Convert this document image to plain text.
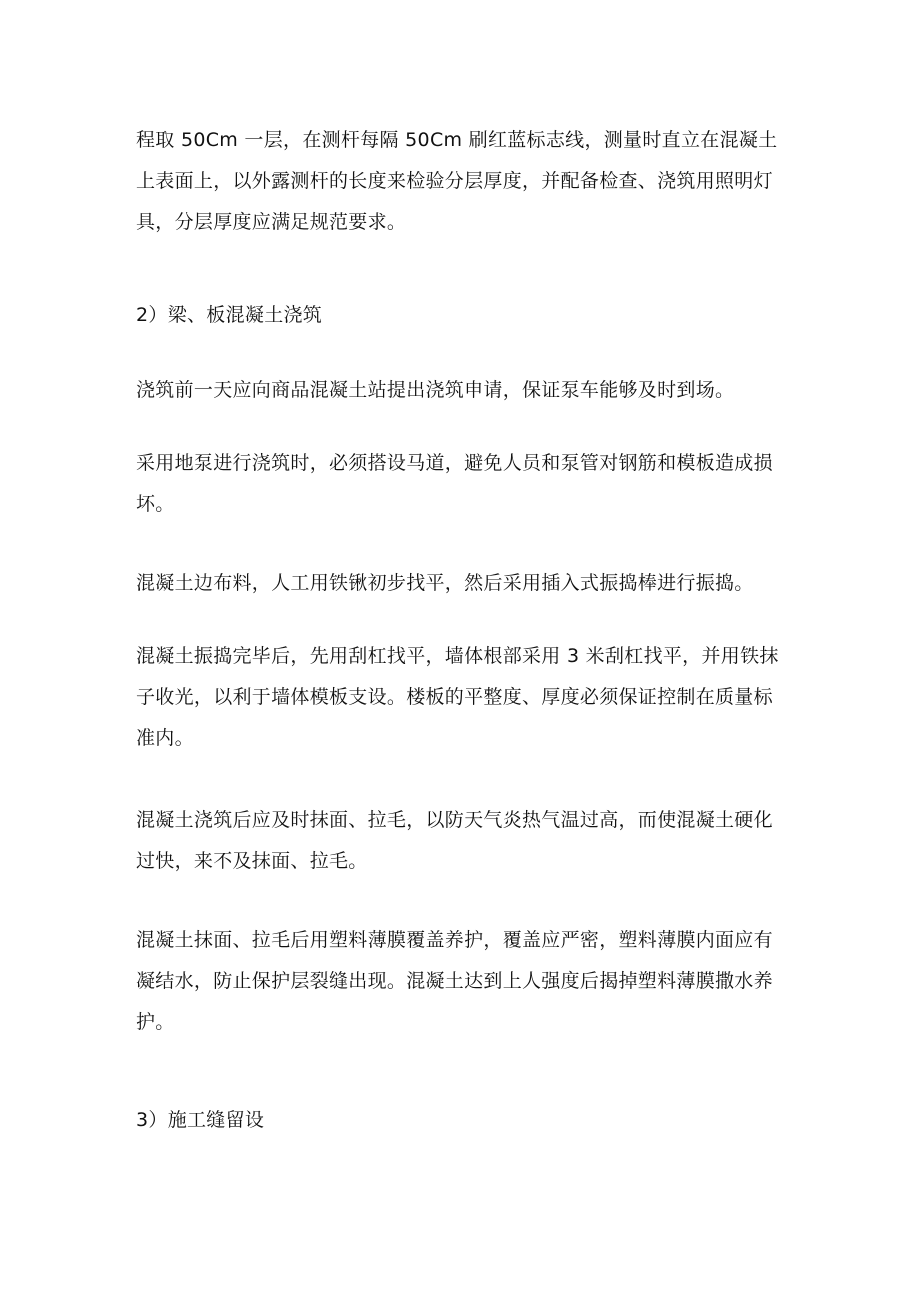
程取 50Cm 一层，在测杆每隔 50Cm 刷红蓝标志线，测量时直立在混凝土
上表面上，以外露测杆的长度来检验分层厚度，并配备检查、浇筑用照明灯
具，分层厚度应满足规范要求。
2）梁、板混凝土浇筑
浇筑前一天应向商品混凝土站提出浇筑申请，保证泵车能够及时到场。
采用地泵进行浇筑时，必须搭设马道，避免人员和泵管对钢筋和模板造成损
坏。
混凝土边布料，人工用铁锹初步找平，然后采用插入式振捣棒进行振捣。
混凝土振捣完毕后，先用刮杠找平，墙体根部采用 3 米刮杠找平，并用铁抹
子收光，以利于墙体模板支设。楼板的平整度、厚度必须保证控制在质量标
准内。
混凝土浇筑后应及时抹面、拉毛，以防天气炎热气温过高，而使混凝土硬化
过快，来不及抹面、拉毛。
混凝土抹面、拉毛后用塑料薄膜覆盖养护，覆盖应严密，塑料薄膜内面应有
凝结水，防止保护层裂缝出现。混凝土达到上人强度后揭掉塑料薄膜撒水养
护。
3）施工缝留设
